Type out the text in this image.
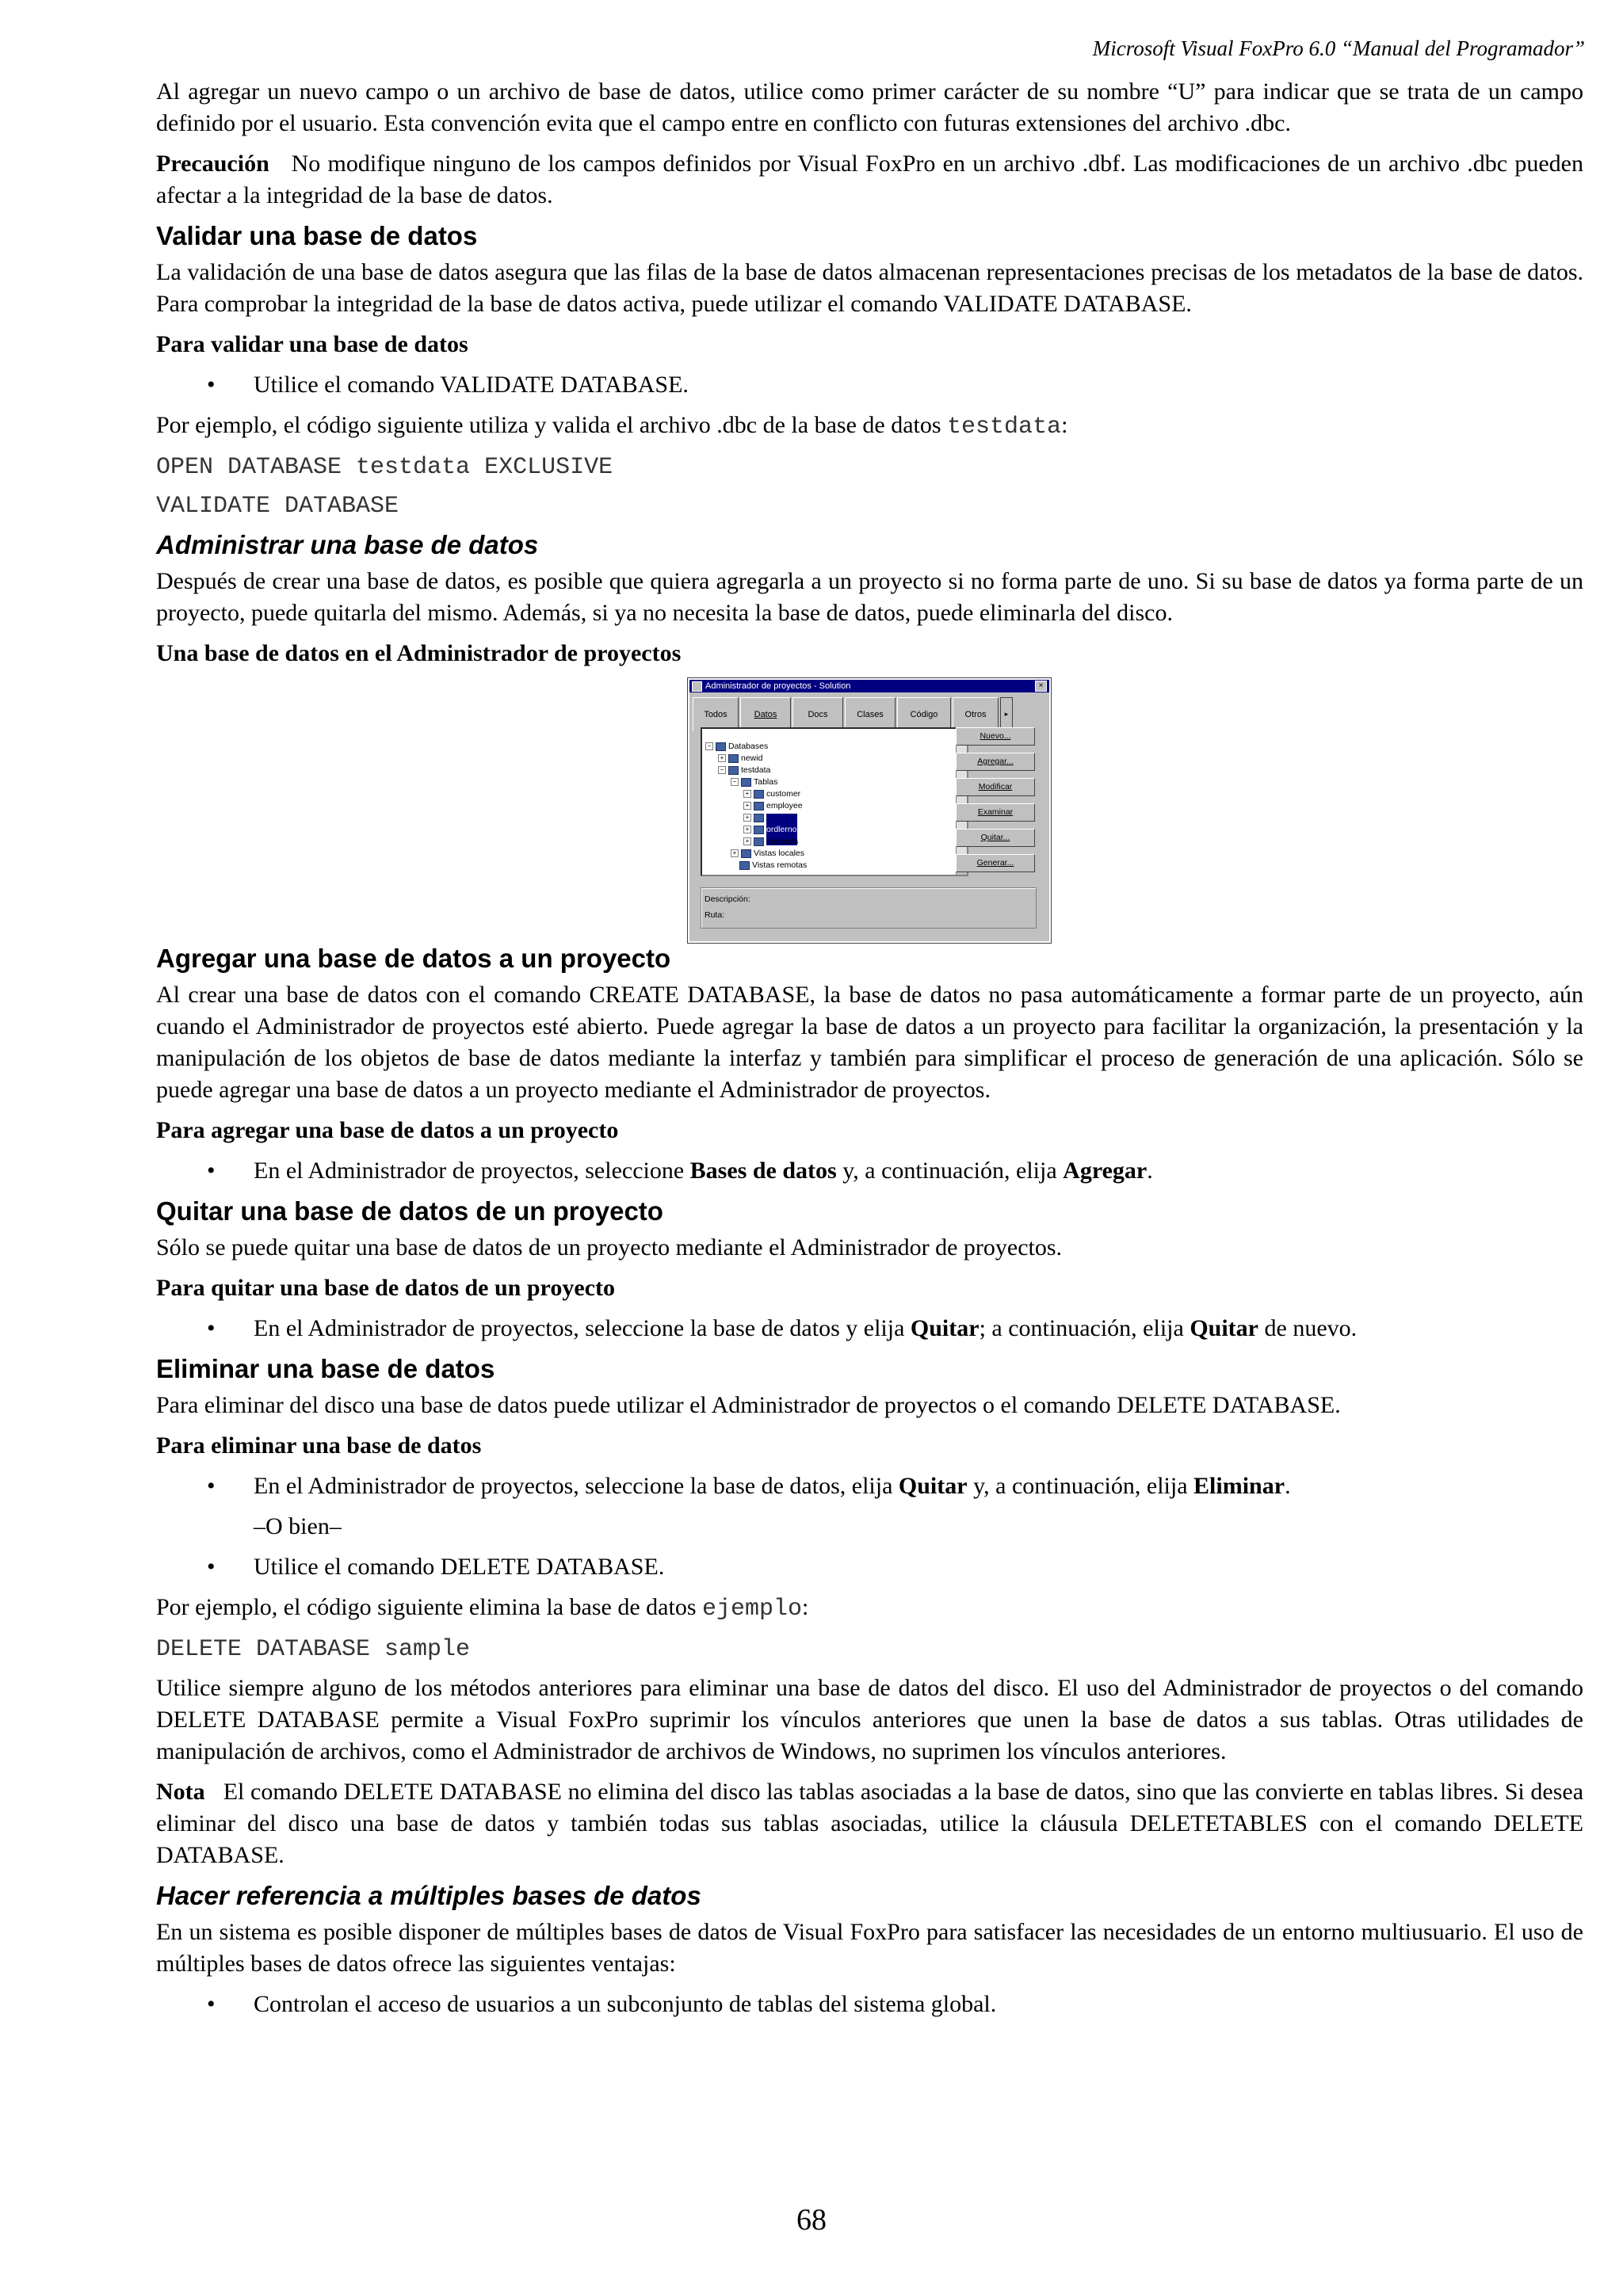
Microsoft Visual FoxPro 6.0 “Manual del Programador”

Al agregar un nuevo campo o un archivo de base de datos, utilice como primer carácter de su nombre “U” para indicar que se trata de un campo definido por el usuario. Esta convención evita que el campo entre en conflicto con futuras extensiones del archivo .dbc.

Precaución No modifique ninguno de los campos definidos por Visual FoxPro en un archivo .dbf. Las modificaciones de un archivo .dbc pueden afectar a la integridad de la base de datos.

Validar una base de datos

La validación de una base de datos asegura que las filas de la base de datos almacenan representaciones precisas de los metadatos de la base de datos. Para comprobar la integridad de la base de datos activa, puede utilizar el comando VALIDATE DATABASE.

Para validar una base de datos
• Utilice el comando VALIDATE DATABASE.

Por ejemplo, el código siguiente utiliza y valida el archivo .dbc de la base de datos testdata:

OPEN DATABASE testdata EXCLUSIVE
VALIDATE DATABASE
Administrar una base de datos

Después de crear una base de datos, es posible que quiera agregarla a un proyecto si no forma parte de uno. Si su base de datos ya forma parte de un proyecto, puede quitarla del mismo. Además, si ya no necesita la base de datos, puede eliminarla del disco.

Una base de datos en el Administrador de proyectos
Administrador de proyectos - Solution	×
Todos	Datos	Docs	Clases	Código	Otros	▸
− Databases
+ newid
− testdata
− Tablas
+ customer
+ employee
+
+ ordlerno
+ products
+ Vistas locales
Vistas remotas
Nuevo...
Agregar...
Modificar
Examinar
Quitar...
Generar...
Descripción:
Ruta:
Agregar una base de datos a un proyecto

Al crear una base de datos con el comando CREATE DATABASE, la base de datos no pasa automáticamente a formar parte de un proyecto, aún cuando el Administrador de proyectos esté abierto. Puede agregar la base de datos a un proyecto para facilitar la organización, la presentación y la manipulación de los objetos de base de datos mediante la interfaz y también para simplificar el proceso de generación de una aplicación. Sólo se puede agregar una base de datos a un proyecto mediante el Administrador de proyectos.

Para agregar una base de datos a un proyecto
• En el Administrador de proyectos, seleccione Bases de datos y, a continuación, elija Agregar.
Quitar una base de datos de un proyecto

Sólo se puede quitar una base de datos de un proyecto mediante el Administrador de proyectos.

Para quitar una base de datos de un proyecto
• En el Administrador de proyectos, seleccione la base de datos y elija Quitar; a continuación, elija Quitar de nuevo.
Eliminar una base de datos

Para eliminar del disco una base de datos puede utilizar el Administrador de proyectos o el comando DELETE DATABASE.

Para eliminar una base de datos
• En el Administrador de proyectos, seleccione la base de datos, elija Quitar y, a continuación, elija Eliminar.
–O bien–
• Utilice el comando DELETE DATABASE.

Por ejemplo, el código siguiente elimina la base de datos ejemplo:

DELETE DATABASE sample

Utilice siempre alguno de los métodos anteriores para eliminar una base de datos del disco. El uso del Administrador de proyectos o del comando DELETE DATABASE permite a Visual FoxPro suprimir los vínculos anteriores que unen la base de datos a sus tablas. Otras utilidades de manipulación de archivos, como el Administrador de archivos de Windows, no suprimen los vínculos anteriores.

Nota El comando DELETE DATABASE no elimina del disco las tablas asociadas a la base de datos, sino que las convierte en tablas libres. Si desea eliminar del disco una base de datos y también todas sus tablas asociadas, utilice la cláusula DELETETABLES con el comando DELETE DATABASE.

Hacer referencia a múltiples bases de datos

En un sistema es posible disponer de múltiples bases de datos de Visual FoxPro para satisfacer las necesidades de un entorno multiusuario. El uso de múltiples bases de datos ofrece las siguientes ventajas:

• Controlan el acceso de usuarios a un subconjunto de tablas del sistema global.
68
